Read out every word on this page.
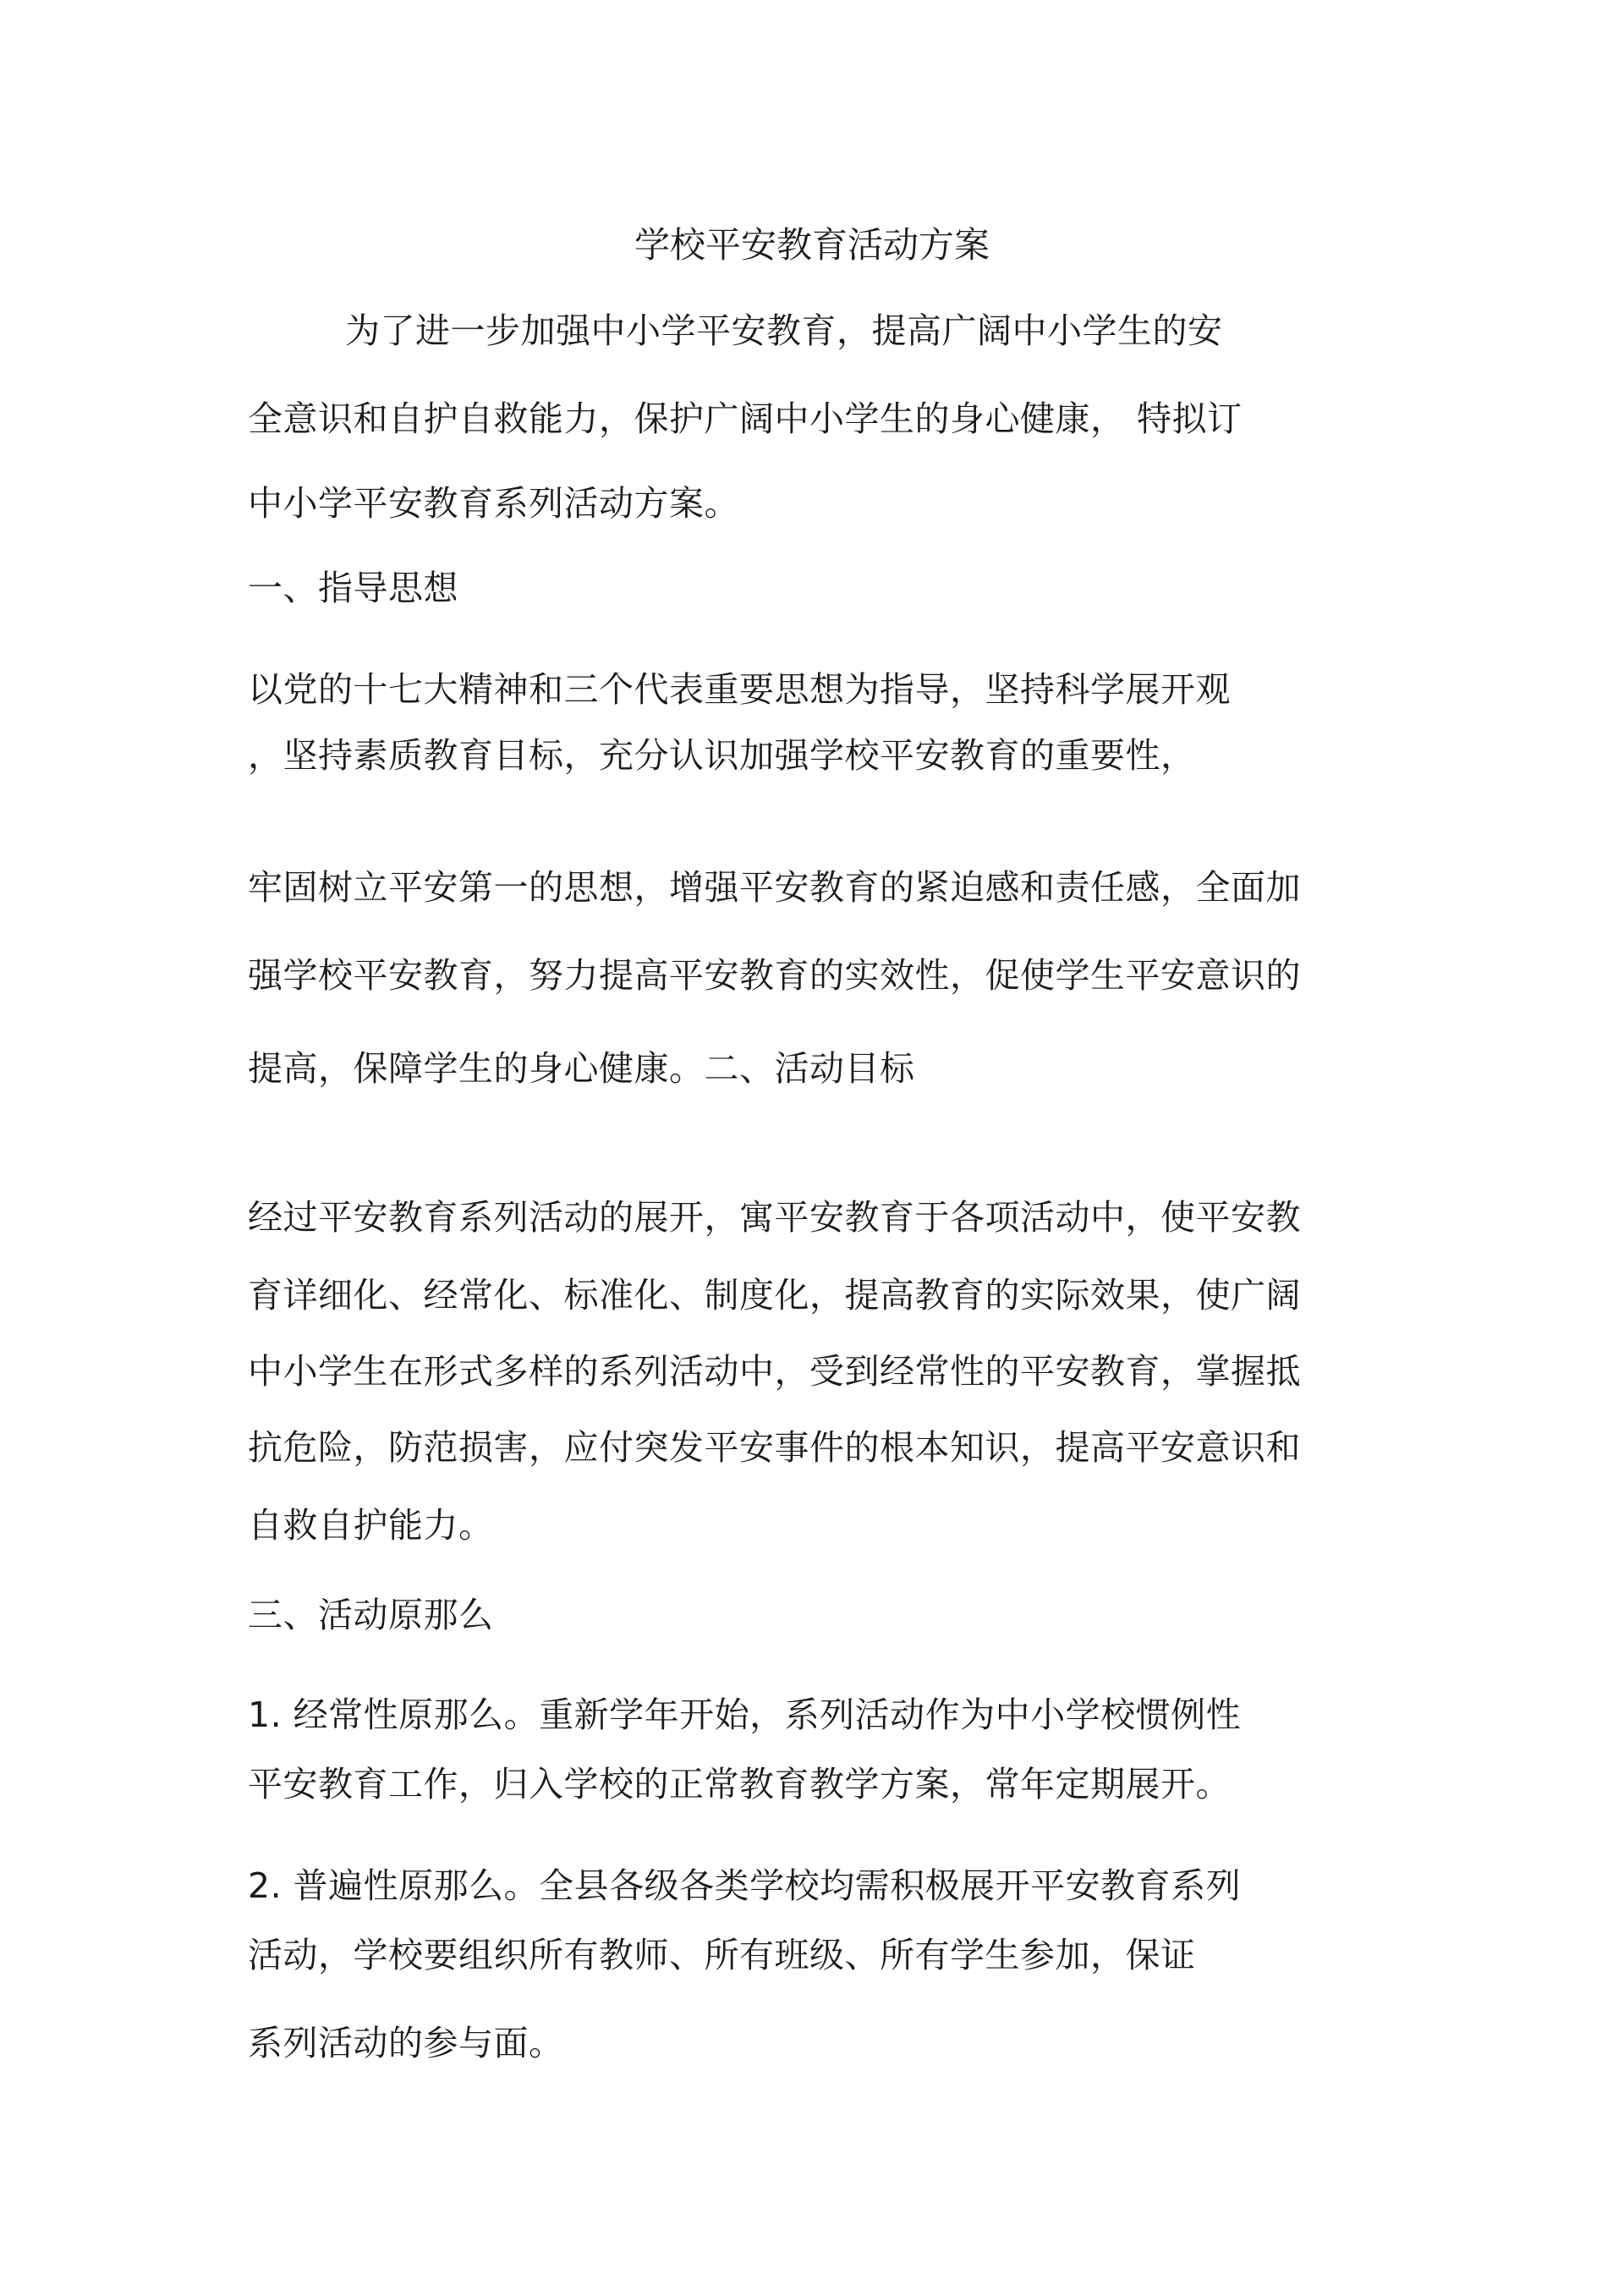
学校平安教育活动方案
为了进一步加强中小学平安教育，提高广阔中小学生的安
全意识和自护自救能力，保护广阔中小学生的身心健康， 特拟订
中小学平安教育系列活动方案。
一、指导思想
以党的十七大精神和三个代表重要思想为指导，坚持科学展开观
，坚持素质教育目标，充分认识加强学校平安教育的重要性，
牢固树立平安第一的思想，增强平安教育的紧迫感和责任感，全面加
强学校平安教育，努力提高平安教育的实效性，促使学生平安意识的
提高，保障学生的身心健康。二、活动目标
经过平安教育系列活动的展开，寓平安教育于各项活动中，使平安教
育详细化、经常化、标准化、制度化，提高教育的实际效果，使广阔
中小学生在形式多样的系列活动中，受到经常性的平安教育，掌握抵
抗危险，防范损害，应付突发平安事件的根本知识，提高平安意识和
自救自护能力。
三、活动原那么
1. 经常性原那么。重新学年开始，系列活动作为中小学校惯例性
平安教育工作，归入学校的正常教育教学方案，常年定期展开。
2. 普遍性原那么。全县各级各类学校均需积极展开平安教育系列
活动，学校要组织所有教师、所有班级、所有学生参加，保证
系列活动的参与面。
